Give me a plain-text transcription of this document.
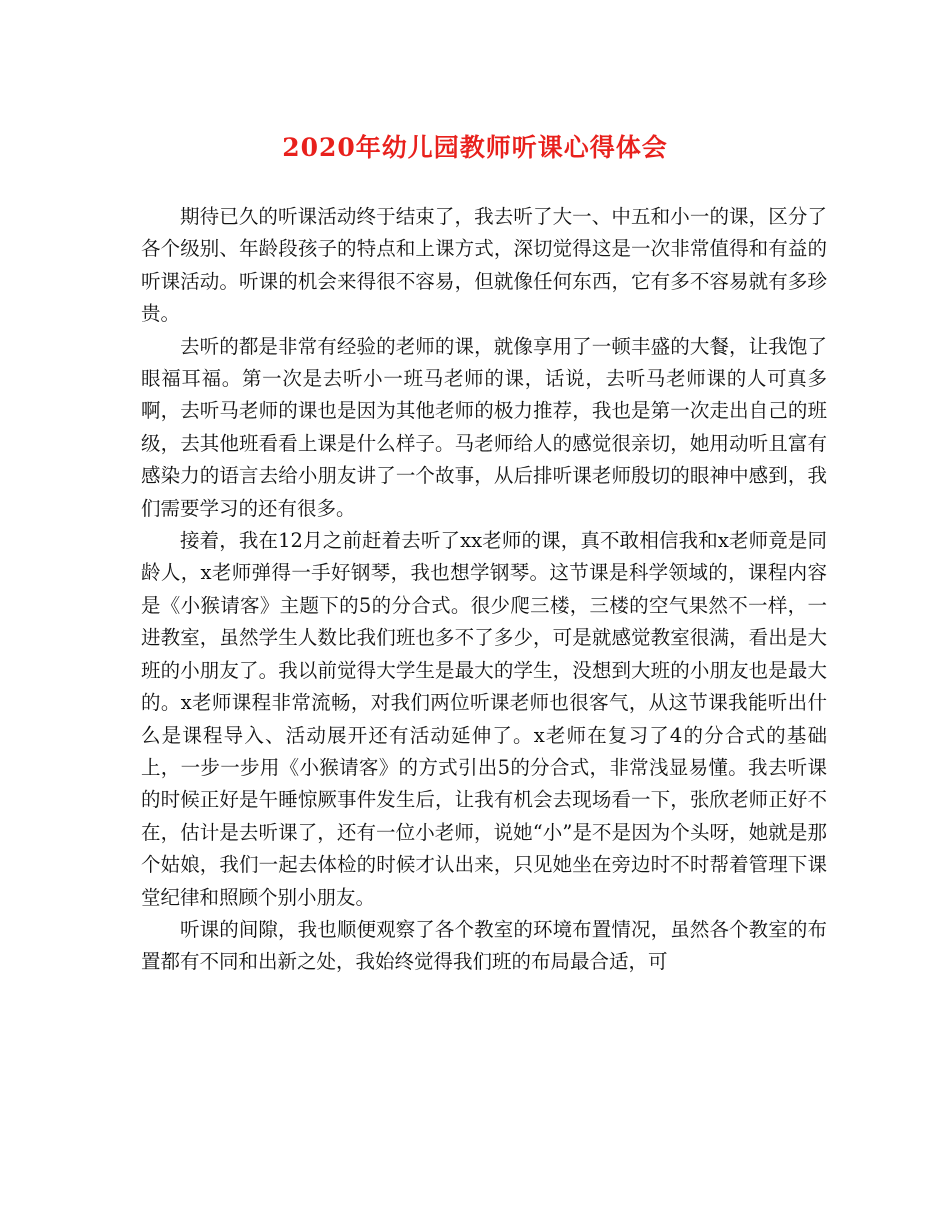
2020年幼儿园教师听课心得体会

期待已久的听课活动终于结束了，我去听了大一、中五和小一的课，区分了各个级别、年龄段孩子的特点和上课方式，深切觉得这是一次非常值得和有益的听课活动。听课的机会来得很不容易，但就像任何东西，它有多不容易就有多珍贵。

去听的都是非常有经验的老师的课，就像享用了一顿丰盛的大餐，让我饱了眼福耳福。第一次是去听小一班马老师的课，话说，去听马老师课的人可真多啊，去听马老师的课也是因为其他老师的极力推荐，我也是第一次走出自己的班级，去其他班看看上课是什么样子。马老师给人的感觉很亲切，她用动听且富有感染力的语言去给小朋友讲了一个故事，从后排听课老师殷切的眼神中感到，我们需要学习的还有很多。

接着，我在12月之前赶着去听了xx老师的课，真不敢相信我和x老师竟是同龄人，x老师弹得一手好钢琴，我也想学钢琴。这节课是科学领域的，课程内容是《小猴请客》主题下的5的分合式。很少爬三楼，三楼的空气果然不一样，一进教室，虽然学生人数比我们班也多不了多少，可是就感觉教室很满，看出是大班的小朋友了。我以前觉得大学生是最大的学生，没想到大班的小朋友也是最大的。x老师课程非常流畅，对我们两位听课老师也很客气，从这节课我能听出什么是课程导入、活动展开还有活动延伸了。x老师在复习了4的分合式的基础上，一步一步用《小猴请客》的方式引出5的分合式，非常浅显易懂。我去听课的时候正好是午睡惊厥事件发生后，让我有机会去现场看一下，张欣老师正好不在，估计是去听课了，还有一位小老师，说她“小”是不是因为个头呀，她就是那个姑娘，我们一起去体检的时候才认出来，只见她坐在旁边时不时帮着管理下课堂纪律和照顾个别小朋友。

听课的间隙，我也顺便观察了各个教室的环境布置情况，虽然各个教室的布置都有不同和出新之处，我始终觉得我们班的布局最合适，可
